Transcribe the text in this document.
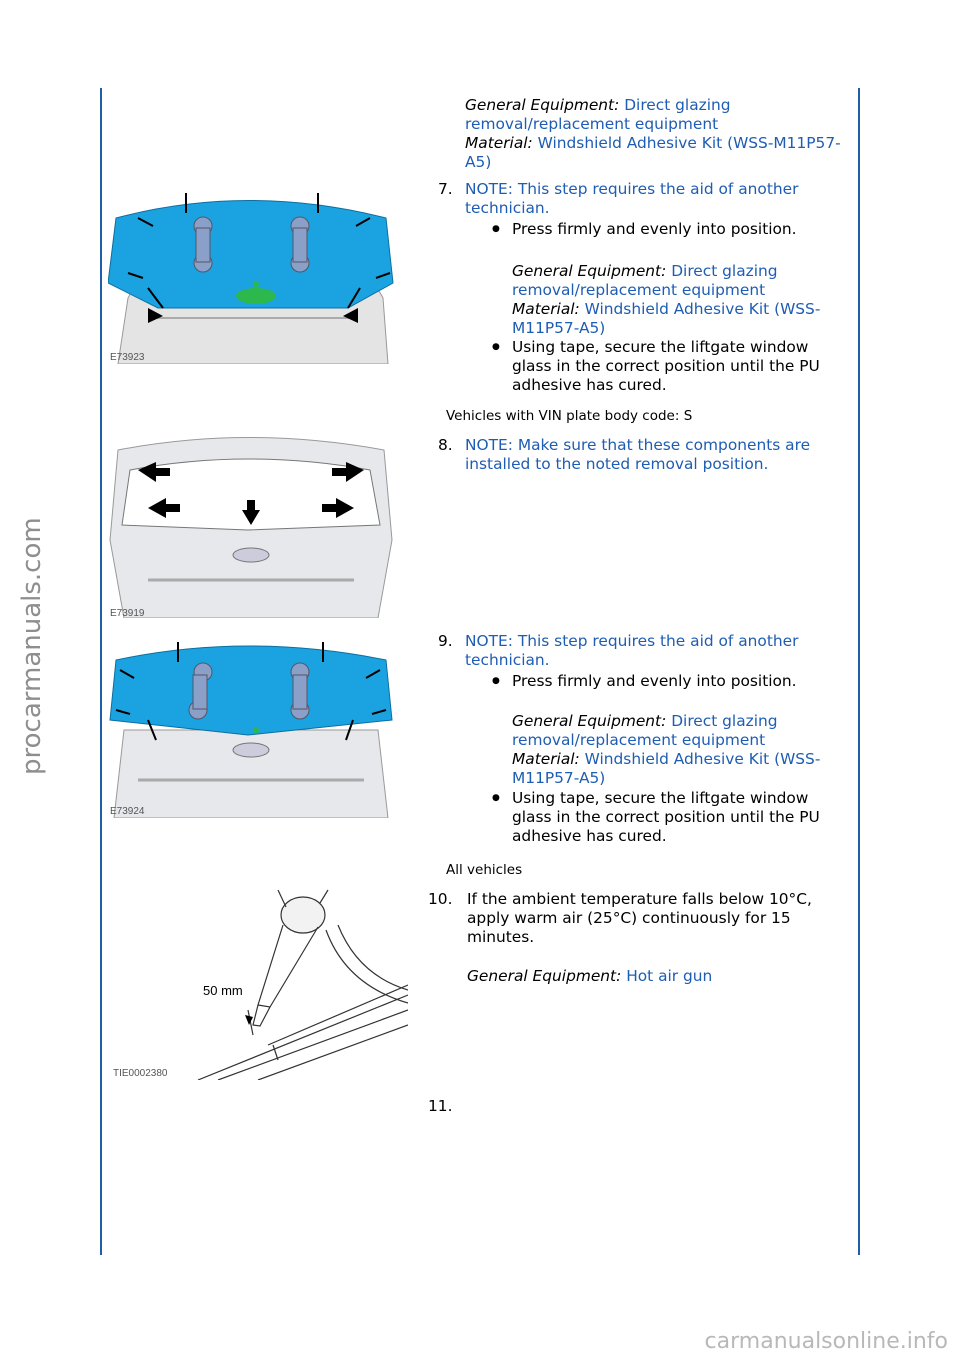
procarmanuals.com
carmanualsonline.info
General Equipment: Direct glazing
removal/replacement equipment
Material: Windshield Adhesive Kit (WSS-M11P57-
A5)
+
E73923
7. NOTE: This step requires the aid of another
technician.
● Press firmly and evenly into position.
General Equipment: Direct glazing
removal/replacement equipment
Material: Windshield Adhesive Kit (WSS-
M11P57-A5)
● Using tape, secure the liftgate window
glass in the correct position until the PU
adhesive has cured.
Vehicles with VIN plate body code: S
E73919
8. NOTE: Make sure that these components are
installed to the noted removal position.
+
E73924
9. NOTE: This step requires the aid of another
technician.
● Press firmly and evenly into position.
General Equipment: Direct glazing
removal/replacement equipment
Material: Windshield Adhesive Kit (WSS-
M11P57-A5)
● Using tape, secure the liftgate window
glass in the correct position until the PU
adhesive has cured.
All vehicles
50 mm
TIE0002380
10. If the ambient temperature falls below 10°C,
apply warm air (25°C) continuously for 15
minutes.
General Equipment: Hot air gun
11.
